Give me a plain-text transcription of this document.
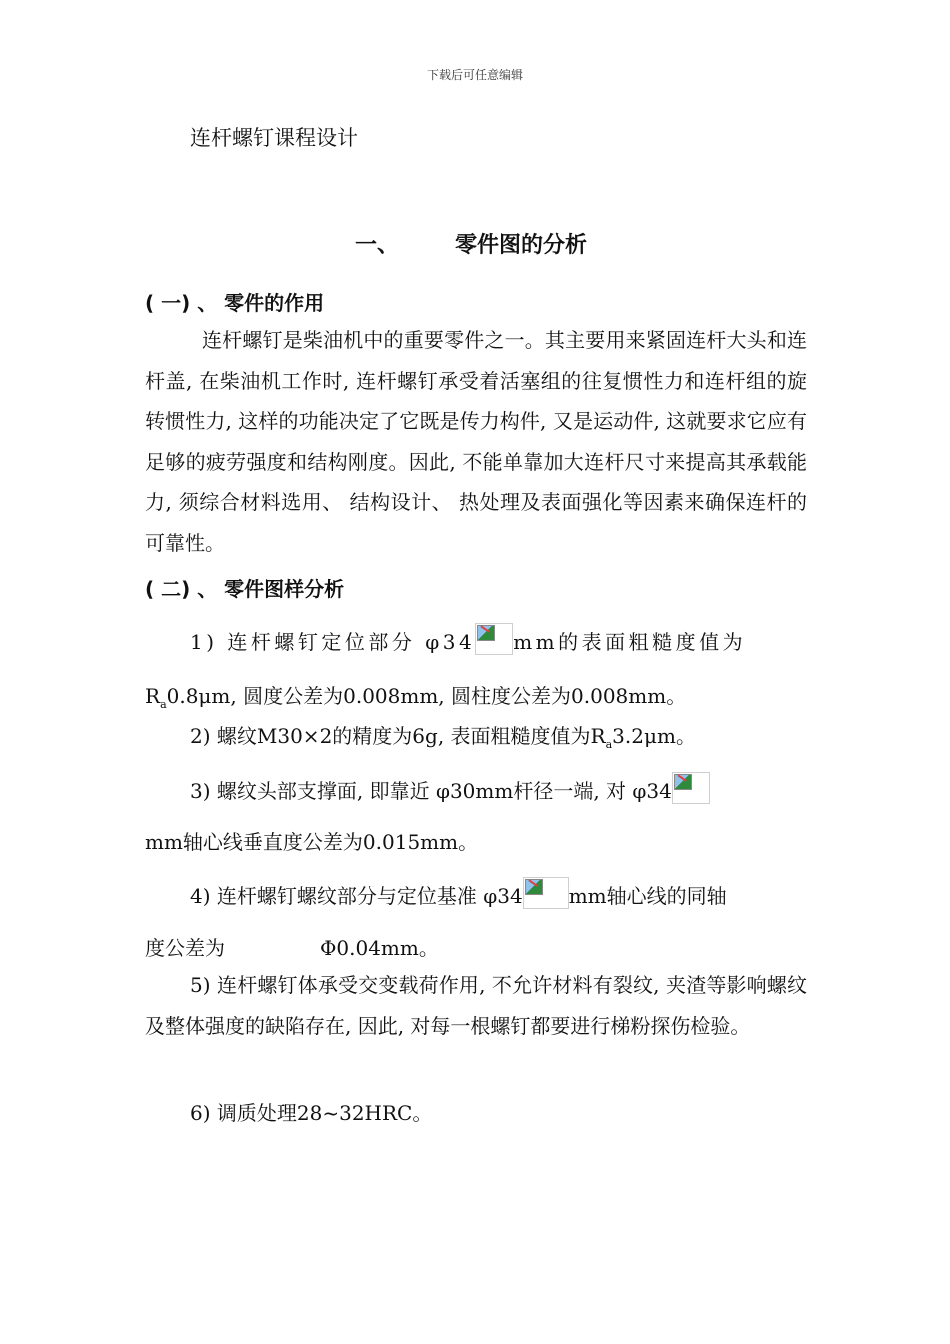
下载后可任意编辑
连杆螺钉课程设计
一、	零件图的分析
( 一) 、 零件的作用
连杆螺钉是柴油机中的重要零件之一。其主要用来紧固连杆大头和连杆盖, 在柴油机工作时, 连杆螺钉承受着活塞组的往复惯性力和连杆组的旋转惯性力, 这样的功能决定了它既是传力构件, 又是运动件, 这就要求它应有足够的疲劳强度和结构刚度。因此, 不能单靠加大连杆尺寸来提高其承载能力, 须综合材料选用、 结构设计、 热处理及表面强化等因素来确保连杆的可靠性。
( 二) 、 零件图样分析
1) 连杆螺钉定位部分 φ34 mm的表面粗糙度值为
$R_a0.8\mu m$, 圆度公差为0.008mm, 圆柱度公差为0.008mm。
2) 螺纹M30×2的精度为6g, 表面粗糙度值为$R_a3.2\mu m$。
3) 螺纹头部支撑面, 即靠近 φ30mm杆径一端, 对 φ34
mm轴心线垂直度公差为0.015mm。
4) 连杆螺钉螺纹部分与定位基准 φ34 mm轴心线的同轴
度公差为	Φ0.04mm。
5) 连杆螺钉体承受交变载荷作用, 不允许材料有裂纹, 夹渣等影响螺纹及整体强度的缺陷存在, 因此, 对每一根螺钉都要进行梯粉探伤检验。
6) 调质处理28~32HRC。
